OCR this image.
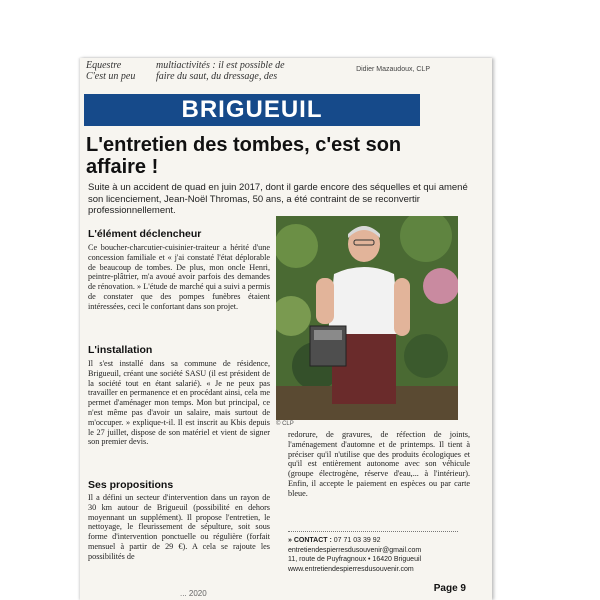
Equestre
C'est un peu
multiactivités : il est possible de
faire du saut, du dressage, des
Didier Mazaudoux, CLP
BRIGUEUIL
L'entretien des tombes, c'est son affaire !
Suite à un accident de quad en juin 2017, dont il garde encore des séquelles et qui amené son licenciement, Jean-Noël Thromas, 50 ans, a été contraint de se reconvertir professionnellement.
L'élément déclencheur
Ce boucher-charcutier-cuisinier-traiteur a hérité d'une concession familiale et « j'ai constaté l'état déplorable de beaucoup de tombes. De plus, mon oncle Henri, peintre-plâtrier, m'a avoué avoir parfois des demandes de rénovation. » L'étude de marché qui a suivi a permis de constater que des pompes funèbres étaient intéressées, ceci le confortant dans son projet.
L'installation
Il s'est installé dans sa commune de résidence, Brigueuil, créant une société SASU (il est président de la société tout en étant salarié). « Je ne peux pas travailler en permanence et en procédant ainsi, cela me permet d'aménager mon temps. Mon but principal, ce n'est même pas d'avoir un salaire, mais surtout de m'occuper. » explique-t-il. Il est inscrit au Kbis depuis le 27 juillet, dispose de son matériel et vient de signer son premier devis.
Ses propositions
Il a défini un secteur d'intervention dans un rayon de 30 km autour de Brigueuil (possibilité en dehors moyennant un supplément). Il propose l'entretien, le nettoyage, le fleurissement de sépulture, soit sous forme d'intervention ponctuelle ou régulière (forfait mensuel à partir de 29 €). A cela se rajoute les possibilités de
© CLP
redorure, de gravures, de réfection de joints, l'aménagement d'automne et de printemps. Il tient à préciser qu'il n'utilise que des produits écologiques et qu'il est entièrement autonome avec son véhicule (groupe électrogène, réserve d'eau,... à l'intérieur). Enfin, il accepte le paiement en espèces ou par carte bleue.
» CONTACT : 07 71 03 39 92
entretiendespierresdusouvenir@gmail.com
11, route de Puyfragnoux • 16420 Brigueuil
www.entretiendespierresdusouvenir.com
... 2020	Page 9
